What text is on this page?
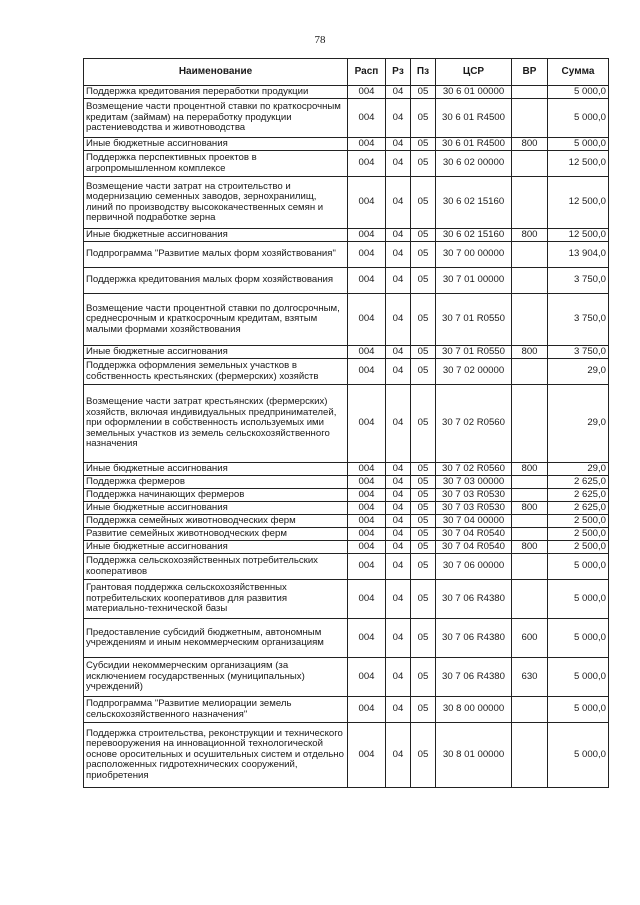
78
Наименование	Расп	Рз	Пз	ЦСР	ВР	Сумма
Поддержка кредитования переработки продукции	004	04	05	30 6 01 00000		5 000,0
Возмещение части процентной ставки по краткосрочным кредитам (займам) на переработку продукции растениеводства и животноводства	004	04	05	30 6 01 R4500		5 000,0
Иные бюджетные ассигнования	004	04	05	30 6 01 R4500	800	5 000,0
Поддержка перспективных проектов в агропромышленном комплексе	004	04	05	30 6 02 00000		12 500,0
Возмещение части затрат на строительство и модернизацию семенных заводов, зернохранилищ, линий по производству высококачественных семян и первичной подработке зерна	004	04	05	30 6 02 15160		12 500,0
Иные бюджетные ассигнования	004	04	05	30 6 02 15160	800	12 500,0
Подпрограмма "Развитие малых форм хозяйствования"	004	04	05	30 7 00 00000		13 904,0
Поддержка кредитования малых форм хозяйствования	004	04	05	30 7 01 00000		3 750,0
Возмещение части процентной ставки по долгосрочным, среднесрочным и краткосрочным кредитам, взятым малыми формами хозяйствования	004	04	05	30 7 01 R0550		3 750,0
Иные бюджетные ассигнования	004	04	05	30 7 01 R0550	800	3 750,0
Поддержка оформления земельных участков в собственность крестьянских (фермерских) хозяйств	004	04	05	30 7 02 00000		29,0
Возмещение части затрат крестьянских (фермерских) хозяйств, включая индивидуальных предпринимателей, при оформлении в собственность используемых ими земельных участков из земель сельскохозяйственного назначения	004	04	05	30 7 02 R0560		29,0
Иные бюджетные ассигнования	004	04	05	30 7 02 R0560	800	29,0
Поддержка фермеров	004	04	05	30 7 03 00000		2 625,0
Поддержка начинающих фермеров	004	04	05	30 7 03 R0530		2 625,0
Иные бюджетные ассигнования	004	04	05	30 7 03 R0530	800	2 625,0
Поддержка семейных животноводческих ферм	004	04	05	30 7 04 00000		2 500,0
Развитие семейных животноводческих ферм	004	04	05	30 7 04 R0540		2 500,0
Иные бюджетные ассигнования	004	04	05	30 7 04 R0540	800	2 500,0
Поддержка сельскохозяйственных потребительских кооперативов	004	04	05	30 7 06 00000		5 000,0
Грантовая поддержка сельскохозяйственных потребительских кооперативов для развития материально-технической базы	004	04	05	30 7 06 R4380		5 000,0
Предоставление субсидий бюджетным, автономным учреждениям и иным некоммерческим организациям	004	04	05	30 7 06 R4380	600	5 000,0
Субсидии некоммерческим организациям (за исключением государственных (муниципальных) учреждений)	004	04	05	30 7 06 R4380	630	5 000,0
Подпрограмма "Развитие мелиорации земель сельскохозяйственного назначения"	004	04	05	30 8 00 00000		5 000,0
Поддержка строительства, реконструкции и технического перевооружения на инновационной технологической основе оросительных и осушительных систем и отдельно расположенных гидротехнических сооружений, приобретения	004	04	05	30 8 01 00000		5 000,0
